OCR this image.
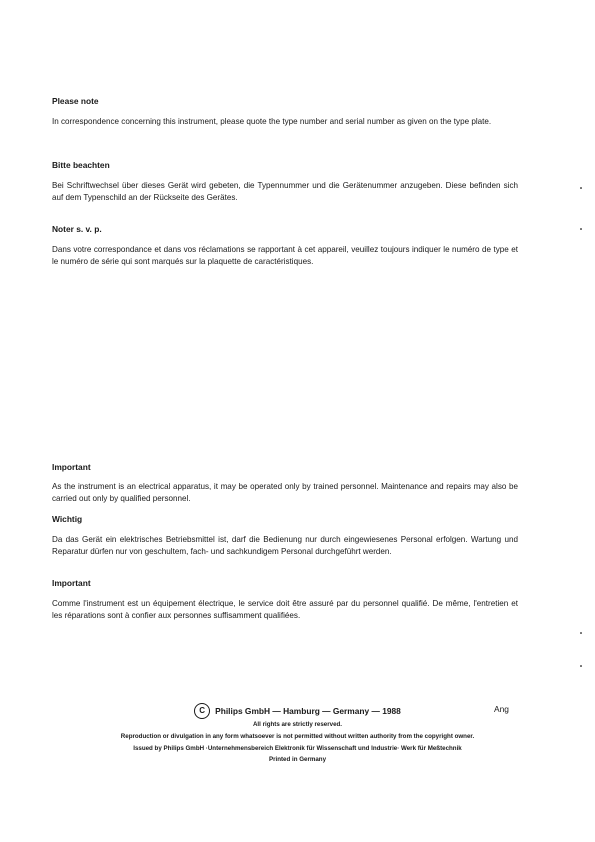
Please note

In correspondence concerning this instrument, please quote the type number and serial number as given on the type plate.

Bitte beachten

Bei Schriftwechsel über dieses Gerät wird gebeten, die Typennummer und die Gerätenummer anzugeben. Diese befinden sich auf dem Typenschild an der Rückseite des Gerätes.

Noter s. v. p.

Dans votre correspondance et dans vos réclamations se rapportant à cet appareil, veuillez toujours indiquer le numéro de type et le numéro de série qui sont marqués sur la plaquette de caractéristiques.

Important

As the instrument is an electrical apparatus, it may be operated only by trained personnel. Maintenance and repairs may also be carried out only by qualified personnel.

Wichtig

Da das Gerät ein elektrisches Betriebsmittel ist, darf die Bedienung nur durch eingewiesenes Personal erfolgen. Wartung und Reparatur dürfen nur von geschultem, fach- und sachkundigem Personal durchgeführt werden.

Important

Comme l'instrument est un équipement électrique, le service doit être assuré par du personnel qualifié. De même, l'entretien et les réparations sont à confier aux personnes suffisamment qualifiées.

C Philips GmbH — Hamburg — Germany — 1988	Ang
All rights are strictly reserved.
Reproduction or divulgation in any form whatsoever is not permitted without written authority from the copyright owner.
Issued by Philips GmbH ·Unternehmensbereich Elektronik für Wissenschaft und Industrie· Werk für Meßtechnik
Printed in Germany
